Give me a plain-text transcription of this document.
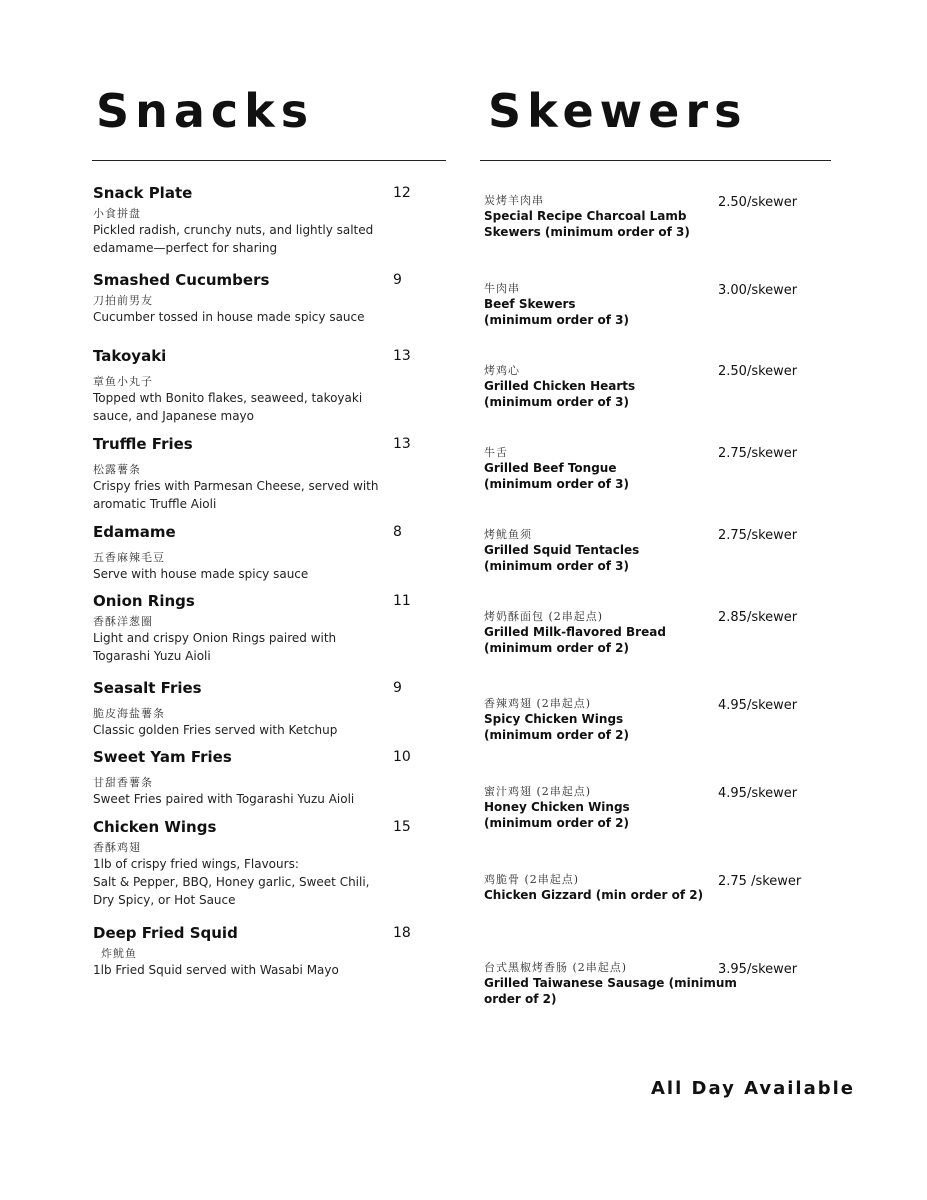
Snacks	Skewers
Snack Plate	12
小食拼盘
Pickled radish, crunchy nuts, and lightly salted
edamame—perfect for sharing
Smashed Cucumbers	9
刀拍前男友
Cucumber tossed in house made spicy sauce
Takoyaki	13
章鱼小丸子
Topped wth Bonito flakes, seaweed, takoyaki
sauce, and Japanese mayo
Truffle Fries	13
松露薯条
Crispy fries with Parmesan Cheese, served with
aromatic Truffle Aioli
Edamame	8
五香麻辣毛豆
Serve with house made spicy sauce
Onion Rings	11
香酥洋葱圈
Light and crispy Onion Rings paired with
Togarashi Yuzu Aioli
Seasalt Fries	9
脆皮海盐薯条
Classic golden Fries served with Ketchup
Sweet Yam Fries	10
甘甜香薯条
Sweet Fries paired with Togarashi Yuzu Aioli
Chicken Wings	15
香酥鸡翅
1lb of crispy fried wings, Flavours:
Salt & Pepper, BBQ, Honey garlic, Sweet Chili,
Dry Spicy, or Hot Sauce
Deep Fried Squid	18
炸鱿鱼
1lb Fried Squid served with Wasabi Mayo
炭烤羊肉串
Special Recipe Charcoal Lamb
Skewers (minimum order of 3)
2.50/skewer
牛肉串
Beef Skewers
(minimum order of 3)
3.00/skewer
烤鸡心
Grilled Chicken Hearts
(minimum order of 3)
2.50/skewer
牛舌
Grilled Beef Tongue
(minimum order of 3)
2.75/skewer
烤鱿鱼须
Grilled Squid Tentacles
(minimum order of 3)
2.75/skewer
烤奶酥面包 (2串起点)
Grilled Milk-flavored Bread
(minimum order of 2)
2.85/skewer
香辣鸡翅 (2串起点)
Spicy Chicken Wings
(minimum order of 2)
4.95/skewer
蜜汁鸡翅 (2串起点)
Honey Chicken Wings
(minimum order of 2)
4.95/skewer
鸡脆骨 (2串起点)
Chicken Gizzard (min order of 2)
2.75 /skewer
台式黑椒烤香肠 (2串起点)
Grilled Taiwanese Sausage (minimum
order of 2)
3.95/skewer

All Day Available
